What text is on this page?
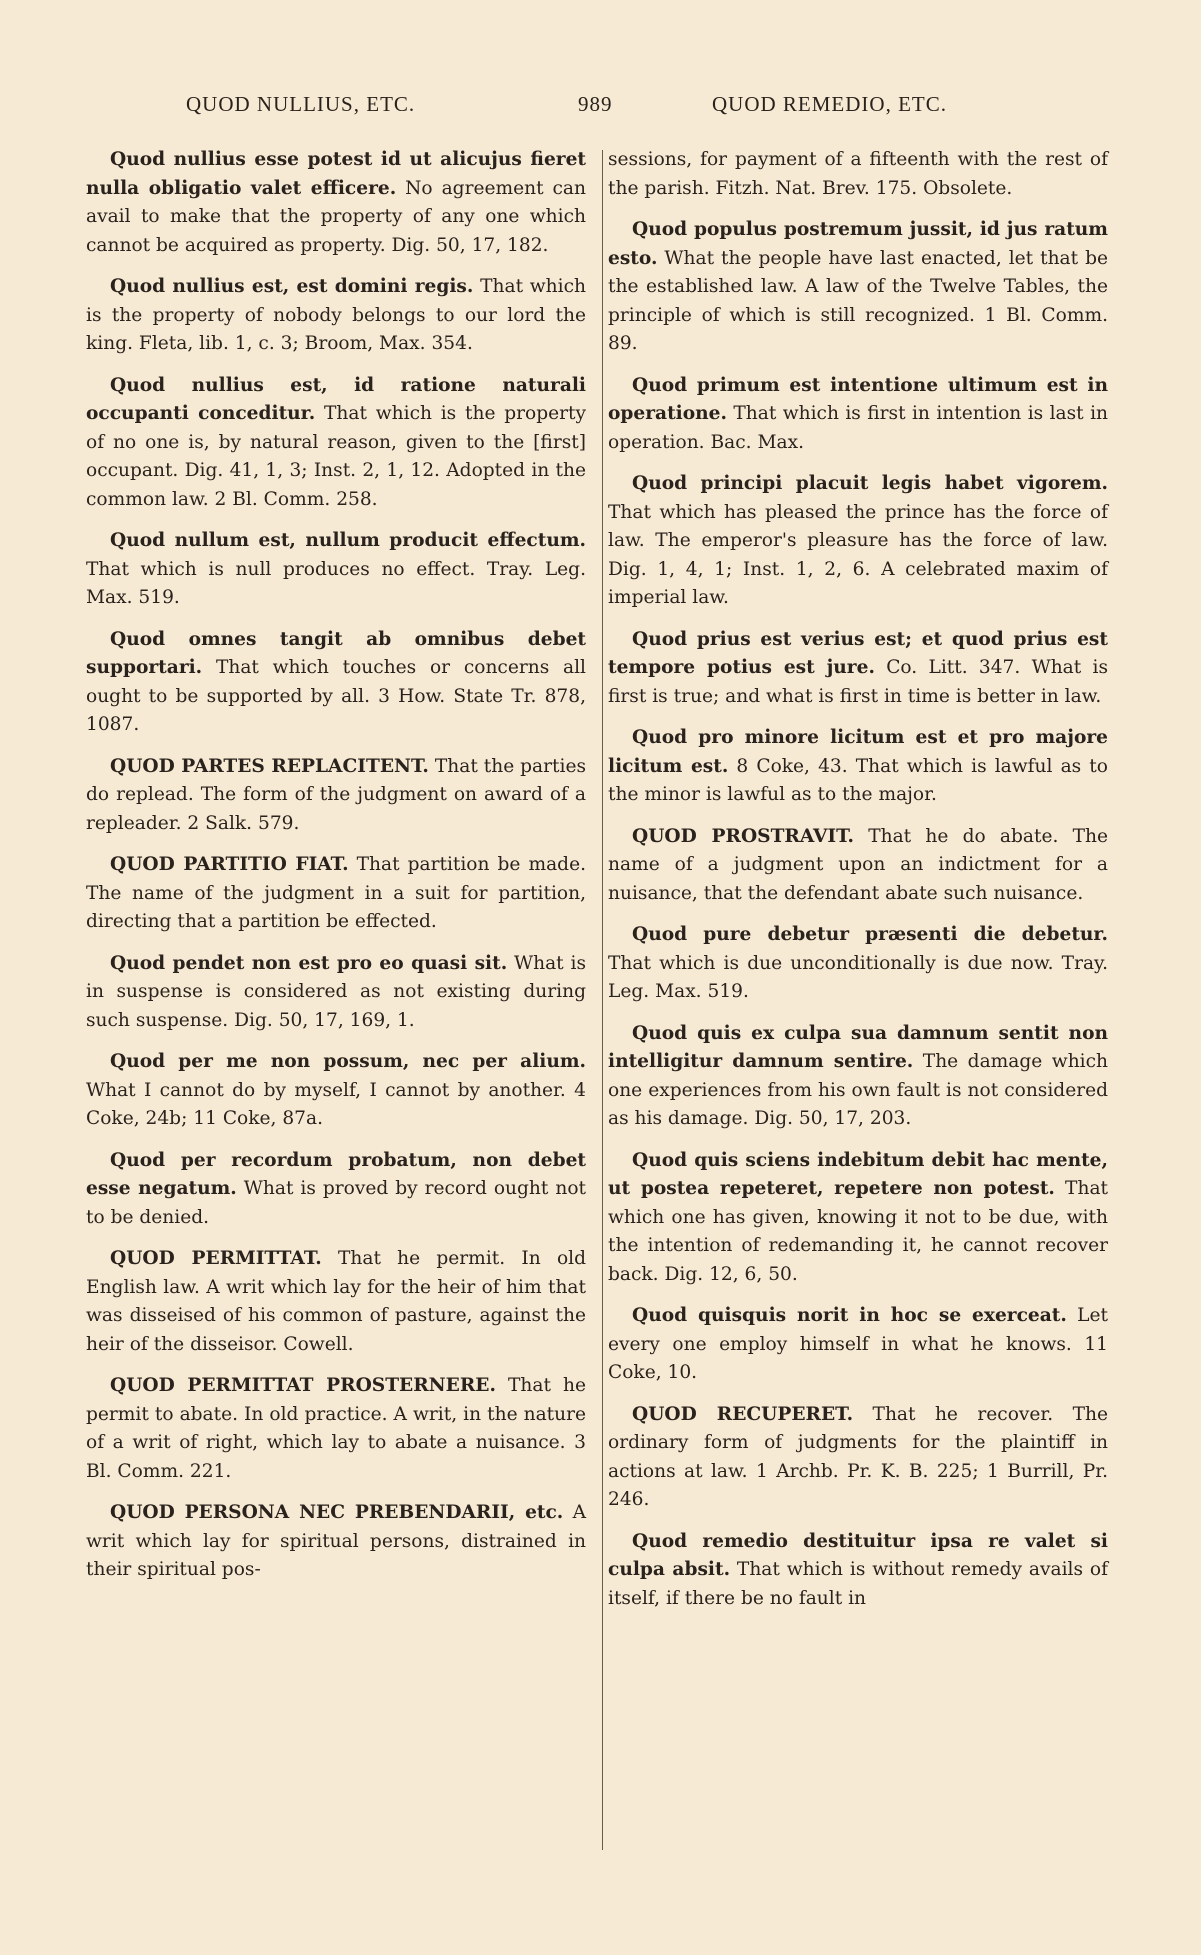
QUOD NULLIUS, ETC.	989	QUOD REMEDIO, ETC.

Quod nullius esse potest id ut alicujus fieret nulla obligatio valet efficere. No agreement can avail to make that the property of any one which cannot be acquired as property. Dig. 50, 17, 182.

Quod nullius est, est domini regis. That which is the property of nobody belongs to our lord the king. Fleta, lib. 1, c. 3; Broom, Max. 354.

Quod nullius est, id ratione naturali occupanti conceditur. That which is the property of no one is, by natural reason, given to the [first] occupant. Dig. 41, 1, 3; Inst. 2, 1, 12. Adopted in the common law. 2 Bl. Comm. 258.

Quod nullum est, nullum producit effectum. That which is null produces no effect. Tray. Leg. Max. 519.

Quod omnes tangit ab omnibus debet supportari. That which touches or concerns all ought to be supported by all. 3 How. State Tr. 878, 1087.

QUOD PARTES REPLACITENT. That the parties do replead. The form of the judgment on award of a repleader. 2 Salk. 579.

QUOD PARTITIO FIAT. That partition be made. The name of the judgment in a suit for partition, directing that a partition be effected.

Quod pendet non est pro eo quasi sit. What is in suspense is considered as not existing during such suspense. Dig. 50, 17, 169, 1.

Quod per me non possum, nec per alium. What I cannot do by myself, I cannot by another. 4 Coke, 24b; 11 Coke, 87a.

Quod per recordum probatum, non debet esse negatum. What is proved by record ought not to be denied.

QUOD PERMITTAT. That he permit. In old English law. A writ which lay for the heir of him that was disseised of his common of pasture, against the heir of the disseisor. Cowell.

QUOD PERMITTAT PROSTERNERE. That he permit to abate. In old practice. A writ, in the nature of a writ of right, which lay to abate a nuisance. 3 Bl. Comm. 221.

QUOD PERSONA NEC PREBENDARII, etc. A writ which lay for spiritual persons, distrained in their spiritual pos-

sessions, for payment of a fifteenth with the rest of the parish. Fitzh. Nat. Brev. 175. Obsolete.

Quod populus postremum jussit, id jus ratum esto. What the people have last enacted, let that be the established law. A law of the Twelve Tables, the principle of which is still recognized. 1 Bl. Comm. 89.

Quod primum est intentione ultimum est in operatione. That which is first in intention is last in operation. Bac. Max.

Quod principi placuit legis habet vigorem. That which has pleased the prince has the force of law. The emperor's pleasure has the force of law. Dig. 1, 4, 1; Inst. 1, 2, 6. A celebrated maxim of imperial law.

Quod prius est verius est; et quod prius est tempore potius est jure. Co. Litt. 347. What is first is true; and what is first in time is better in law.

Quod pro minore licitum est et pro majore licitum est. 8 Coke, 43. That which is lawful as to the minor is lawful as to the major.

QUOD PROSTRAVIT. That he do abate. The name of a judgment upon an indictment for a nuisance, that the defendant abate such nuisance.

Quod pure debetur præsenti die debetur. That which is due unconditionally is due now. Tray. Leg. Max. 519.

Quod quis ex culpa sua damnum sentit non intelligitur damnum sentire. The damage which one experiences from his own fault is not considered as his damage. Dig. 50, 17, 203.

Quod quis sciens indebitum debit hac mente, ut postea repeteret, repetere non potest. That which one has given, knowing it not to be due, with the intention of redemanding it, he cannot recover back. Dig. 12, 6, 50.

Quod quisquis norit in hoc se exerceat. Let every one employ himself in what he knows. 11 Coke, 10.

QUOD RECUPERET. That he recover. The ordinary form of judgments for the plaintiff in actions at law. 1 Archb. Pr. K. B. 225; 1 Burrill, Pr. 246.

Quod remedio destituitur ipsa re valet si culpa absit. That which is without remedy avails of itself, if there be no fault in
